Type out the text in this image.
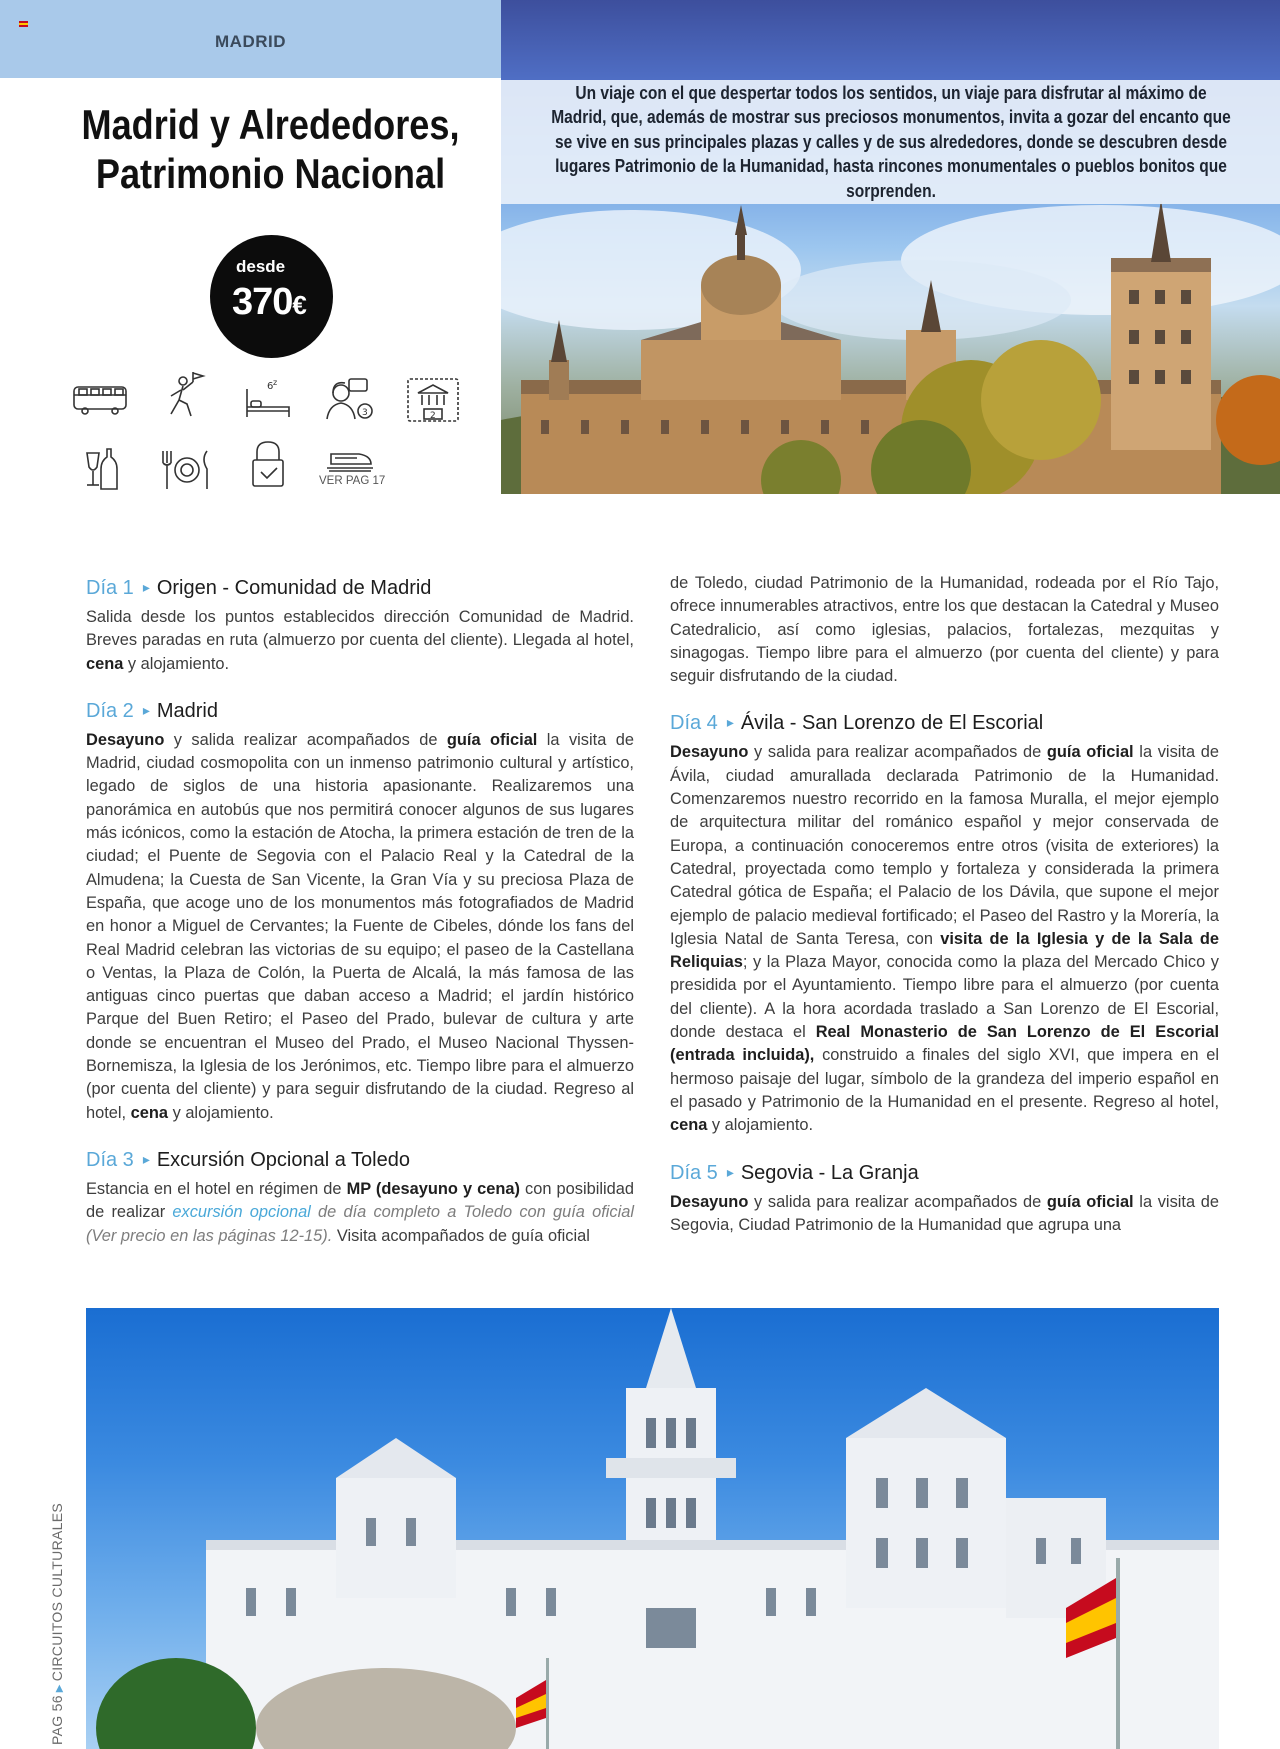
MADRID

Un viaje con el que despertar todos los sentidos, un viaje para disfrutar al máximo de Madrid, que, además de mostrar sus preciosos monumentos, invita a gozar del encanto que se vive en sus principales plazas y calles y de sus alrededores, donde se descubren desde lugares Patrimonio de la Humanidad, hasta rincones monumentales o pueblos bonitos que sorprenden.

Madrid y Alrededores,
Patrimonio Nacional
desde
370€
6 z
3	2
VER PAG 17
Día 1 ▸ Origen - Comunidad de Madrid
Salida desde los puntos establecidos dirección Comunidad de Madrid. Breves paradas en ruta (almuerzo por cuenta del cliente). Llegada al hotel, cena y alojamiento.
Día 2 ▸ Madrid
Desayuno y salida realizar acompañados de guía oficial la visita de Madrid, ciudad cosmopolita con un inmenso patrimonio cultural y artístico, legado de siglos de una historia apasionante. Realizaremos una panorámica en autobús que nos permitirá conocer algunos de sus lugares más icónicos, como la estación de Atocha, la primera estación de tren de la ciudad; el Puente de Segovia con el Palacio Real y la Catedral de la Almudena; la Cuesta de San Vicente, la Gran Vía y su preciosa Plaza de España, que acoge uno de los monumentos más fotografiados de Madrid en honor a Miguel de Cervantes; la Fuente de Cibeles, dónde los fans del Real Madrid celebran las victorias de su equipo; el paseo de la Castellana o Ventas, la Plaza de Colón, la Puerta de Alcalá, la más famosa de las antiguas cinco puertas que daban acceso a Madrid; el jardín histórico Parque del Buen Retiro; el Paseo del Prado, bulevar de cultura y arte donde se encuentran el Museo del Prado, el Museo Nacional Thyssen-Bornemisza, la Iglesia de los Jerónimos, etc. Tiempo libre para el almuerzo (por cuenta del cliente) y para seguir disfrutando de la ciudad. Regreso al hotel, cena y alojamiento.
Día 3 ▸ Excursión Opcional a Toledo
Estancia en el hotel en régimen de MP (desayuno y cena) con posibilidad de realizar excursión opcional de día completo a Toledo con guía oficial (Ver precio en las páginas 12-15). Visita acompañados de guía oficial
de Toledo, ciudad Patrimonio de la Humanidad, rodeada por el Río Tajo, ofrece innumerables atractivos, entre los que destacan la Catedral y Museo Catedralicio, así como iglesias, palacios, fortalezas, mezquitas y sinagogas. Tiempo libre para el almuerzo (por cuenta del cliente) y para seguir disfrutando de la ciudad.
Día 4 ▸ Ávila - San Lorenzo de El Escorial
Desayuno y salida para realizar acompañados de guía oficial la visita de Ávila, ciudad amurallada declarada Patrimonio de la Humanidad. Comenzaremos nuestro recorrido en la famosa Muralla, el mejor ejemplo de arquitectura militar del románico español y mejor conservada de Europa, a continuación conoceremos entre otros (visita de exteriores) la Catedral, proyectada como templo y fortaleza y considerada la primera Catedral gótica de España; el Palacio de los Dávila, que supone el mejor ejemplo de palacio medieval fortificado; el Paseo del Rastro y la Morería, la Iglesia Natal de Santa Teresa, con visita de la Iglesia y de la Sala de Reliquias; y la Plaza Mayor, conocida como la plaza del Mercado Chico y presidida por el Ayuntamiento. Tiempo libre para el almuerzo (por cuenta del cliente). A la hora acordada traslado a San Lorenzo de El Escorial, donde destaca el Real Monasterio de San Lorenzo de El Escorial (entrada incluida), construido a finales del siglo XVI, que impera en el hermoso paisaje del lugar, símbolo de la grandeza del imperio español en el pasado y Patrimonio de la Humanidad en el presente. Regreso al hotel, cena y alojamiento.
Día 5 ▸ Segovia - La Granja
Desayuno y salida para realizar acompañados de guía oficial la visita de Segovia, Ciudad Patrimonio de la Humanidad que agrupa una
PAG 56▶CIRCUITOS CULTURALES
